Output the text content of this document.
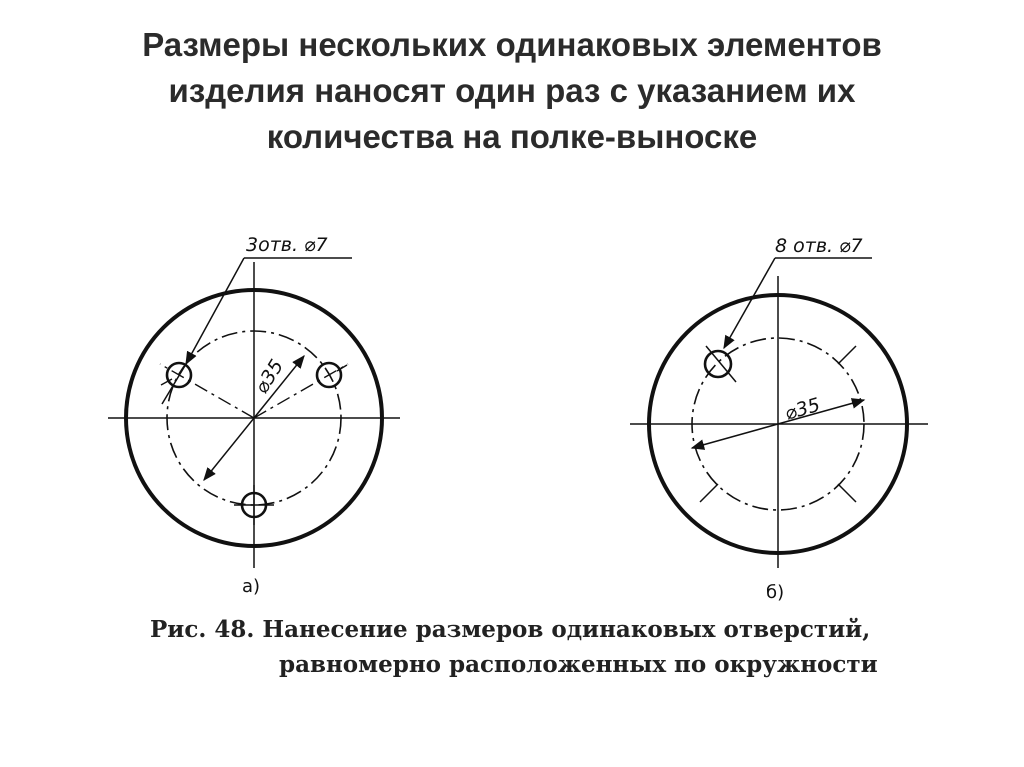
Размеры нескольких одинаковых элементов
изделия наносят один раз с указанием их
количества на полке-выноске
3отв. ⌀7
⌀35
а)
8 отв. ⌀7
⌀35
б)
Рис. 48. Нанесение размеров одинаковых отверстий,
равномерно расположенных по окружности
